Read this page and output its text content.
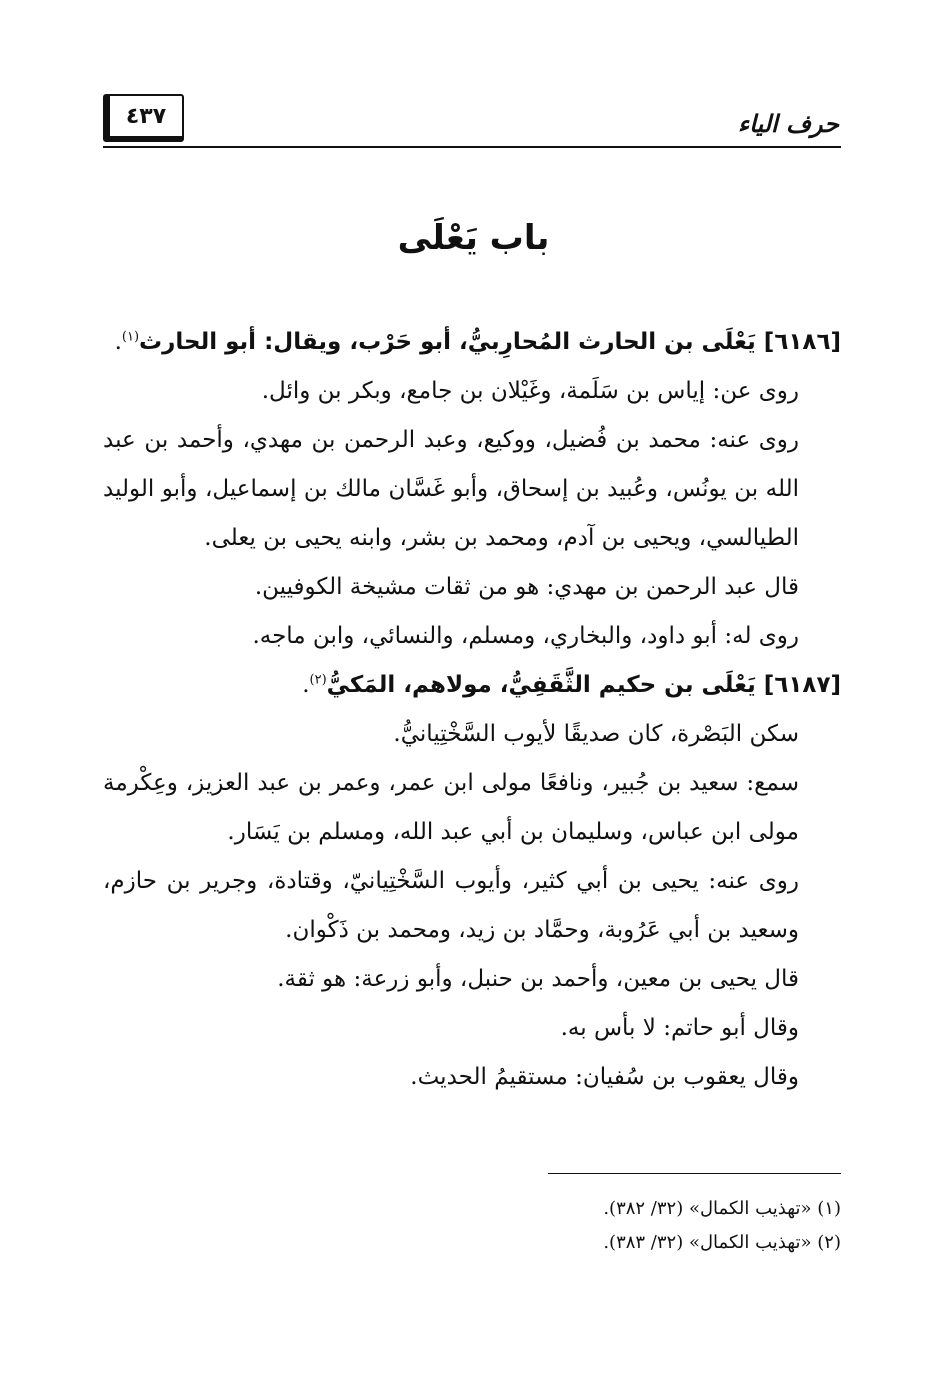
حرف الياء
٤٣٧
باب يَعْلَى

[٦١٨٦] يَعْلَى بن الحارث المُحارِبيُّ، أبو حَرْب، ويقال: أبو الحارث$^{(١)}$.

روى عن: إياس بن سَلَمة، وغَيْلان بن جامع، وبكر بن وائل.

روى عنه: محمد بن فُضيل، ووكيع، وعبد الرحمن بن مهدي، وأحمد بن عبد الله بن يونُس، وعُبيد بن إسحاق، وأبو غَسَّان مالك بن إسماعيل، وأبو الوليد الطيالسي، ويحيى بن آدم، ومحمد بن بشر، وابنه يحيى بن يعلى.

قال عبد الرحمن بن مهدي: هو من ثقات مشيخة الكوفيين.

روى له: أبو داود، والبخاري، ومسلم، والنسائي، وابن ماجه.

[٦١٨٧] يَعْلَى بن حكيم الثَّقَفِيُّ، مولاهم، المَكيُّ$^{(٢)}$.

سكن البَصْرة، كان صديقًا لأيوب السَّخْتِيانيُّ.

سمع: سعيد بن جُبير، ونافعًا مولى ابن عمر، وعمر بن عبد العزيز، وعِكْرمة مولى ابن عباس، وسليمان بن أبي عبد الله، ومسلم بن يَسَار.

روى عنه: يحيى بن أبي كثير، وأيوب السَّخْتِيانيّ، وقتادة، وجرير بن حازم، وسعيد بن أبي عَرُوبة، وحمَّاد بن زيد، ومحمد بن ذَكْوان.

قال يحيى بن معين، وأحمد بن حنبل، وأبو زرعة: هو ثقة.

وقال أبو حاتم: لا بأس به.

وقال يعقوب بن سُفيان: مستقيمُ الحديث.

(١) «تهذيب الكمال» (٣٢/ ٣٨٢).

(٢) «تهذيب الكمال» (٣٢/ ٣٨٣).
